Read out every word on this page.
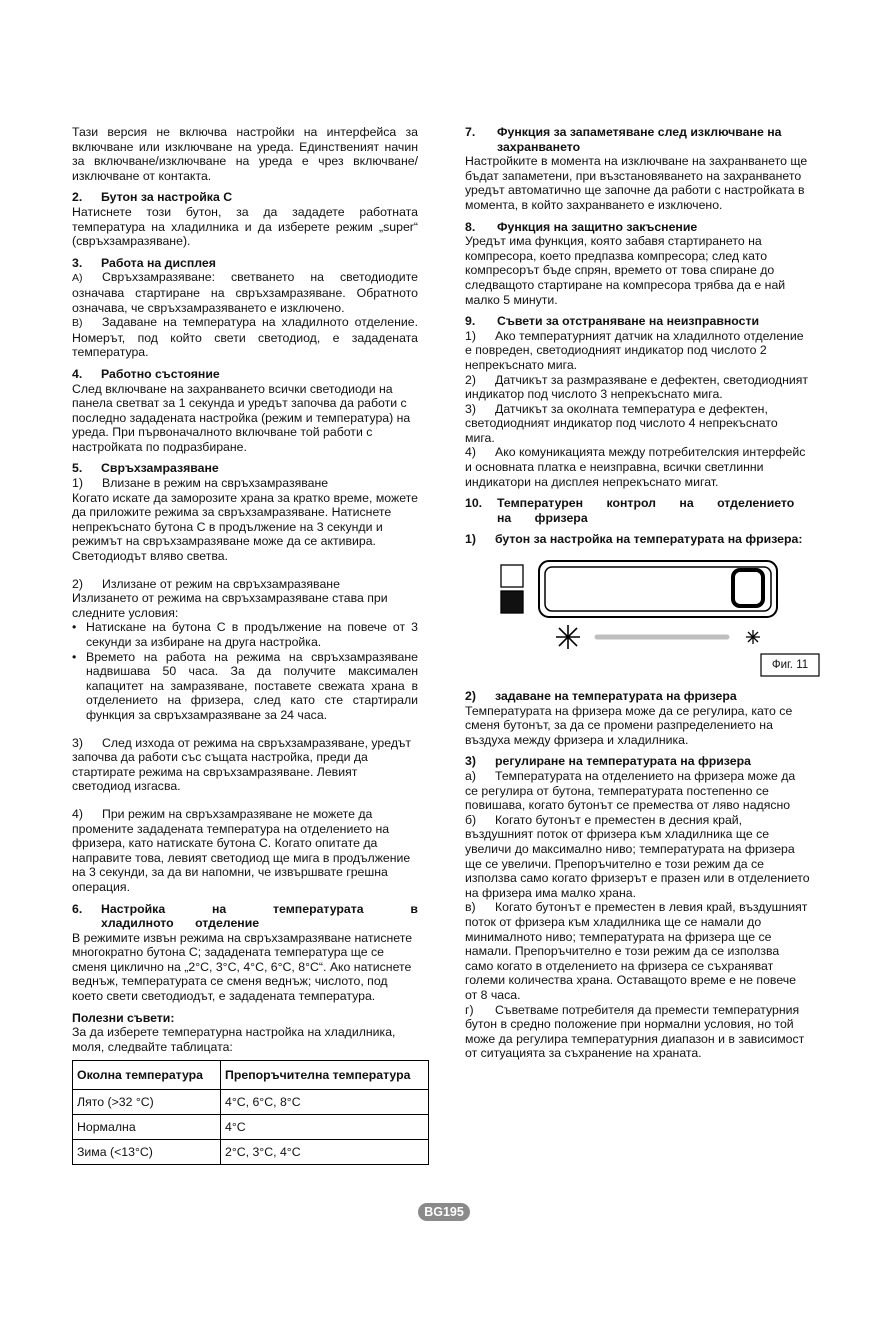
Тази версия не включва настройки на интерфейса за включване или изключване на уреда. Единственият начин за включване/изключване на уреда е чрез включване/изключване от контакта.

2.	Бутон за настройка С

Натиснете този бутон, за да зададете работната температура на хладилника и да изберете режим „super“ (свръхзамразяване).

3.	Работа на дисплея

A) Свръхзамразяване: светването на светодиодите означава стартиране на свръхзамразяване. Обратното означава, че свръхзамразяването е изключено.

B) Задаване на температура на хладилното отделение. Номерът, под който свети светодиод, е зададената температура.

4.	Работно състояние

След включване на захранването всички светодиоди на панела светват за 1 секунда и уредът започва да работи с последно зададената настройка (режим и температура) на уреда. При първоначалното включване той работи с настройката по подразбиране.

5.	Свръхзамразяване

1) Влизане в режим на свръхзамразяване

Когато искате да заморозите храна за кратко време, можете да приложите режима за свръхзамразяване. Натиснете непрекъснато бутона С в продължение на 3 секунди и режимът на свръхзамразяване може да се активира. Светодиодът вляво светва.

2) Излизане от режим на свръхзамразяване

Излизането от режима на свръхзамразяване става при следните условия:

• Натискане на бутона С в продължение на повече от 3 секунди за избиране на друга настройка.
• Времето на работа на режима на свръхзамразяване надвишава 50 часа. За да получите максимален капацитет на замразяване, поставете свежата храна в отделението на фризера, след като сте стартирали функция за свръхзамразяване за 24 часа.

3) След изхода от режима на свръхзамразяване, уредът започва да работи със същата настройка, преди да стартирате режима на свръхзамразяване. Левият светодиод изгасва.

4) При режим на свръхзамразяване не можете да промените зададената температура на отделението на фризера, като натискате бутона С. Когато опитате да направите това, левият светодиод ще мига в продължение на 3 секунди, за да ви напомни, че извършвате грешна операция.

6.	Настройка на температурата в хладилното отделение

В режимите извън режима на свръхзамразяване натиснете многократно бутона С; зададената температура ще се сменя циклично на „2°C, 3°C, 4°C, 6°C, 8°C“. Ако натиснете веднъж, температурата се сменя веднъж; числото, под което свети светодиодът, е зададената температура.

Полезни съвети:

За да изберете температурна настройка на хладилника, моля, следвайте таблицата:

Околна температура	Препоръчителна температура
Лято (>32 °C)	4°C, 6°C, 8°C
Нормална	4°C
Зима (<13°C)	2°C, 3°C, 4°C
7.	Функция за запаметяване след изключване на захранването

Настройките в момента на изключване на захранването ще бъдат запаметени, при възстановяването на захранването уредът автоматично ще започне да работи с настройката в момента, в който захранването е изключено.

8.	Функция на защитно закъснение

Уредът има функция, която забавя стартирането на компресора, което предпазва компресора; след като компресорът бъде спрян, времето от това спиране до следващото стартиране на компресора трябва да е най малко 5 минути.

9.	Съвети за отстраняване на неизправности

1) Ако температурният датчик на хладилното отделение е повреден, светодиодният индикатор под числото 2 непрекъснато мига.

2) Датчикът за размразяване е дефектен, светодиодният индикатор под числото 3 непрекъснато мига.

3) Датчикът за околната температура е дефектен, светодиодният индикатор под числото 4 непрекъснато мига.

4) Ако комуникацията между потребителския интерфейс и основната платка е неизправна, всички светлинни индикатори на дисплея непрекъснато мигат.

10.	Температурен контрол на отделението на фризера

1) бутон за настройка на температурата на фризера:

Фиг. 11

2) задаване на температурата на фризера

Температурата на фризера може да се регулира, като се сменя бутонът, за да се промени разпределението на въздуха между фризера и хладилника.

3) регулиране на температурата на фризера

а) Температурата на отделението на фризера може да се регулира от бутона, температурата постепенно се повишава, когато бутонът се премества от ляво надясно

б) Когато бутонът е преместен в десния край, въздушният поток от фризера към хладилника ще се увеличи до максимално ниво; температурата на фризера ще се увеличи. Препоръчително е този режим да се използва само когато фризерът е празен или в отделението на фризера има малко храна.

в) Когато бутонът е преместен в левия край, въздушният поток от фризера към хладилника ще се намали до минималното ниво; температурата на фризера ще се намали. Препоръчително е този режим да се използва само когато в отделението на фризера се съхраняват големи количества храна. Оставащото време е не повече от 8 часа.

г) Съветваме потребителя да премести температурния бутон в средно положение при нормални условия, но той може да регулира температурния диапазон и в зависимост от ситуацията за съхранение на храната.

BG195
